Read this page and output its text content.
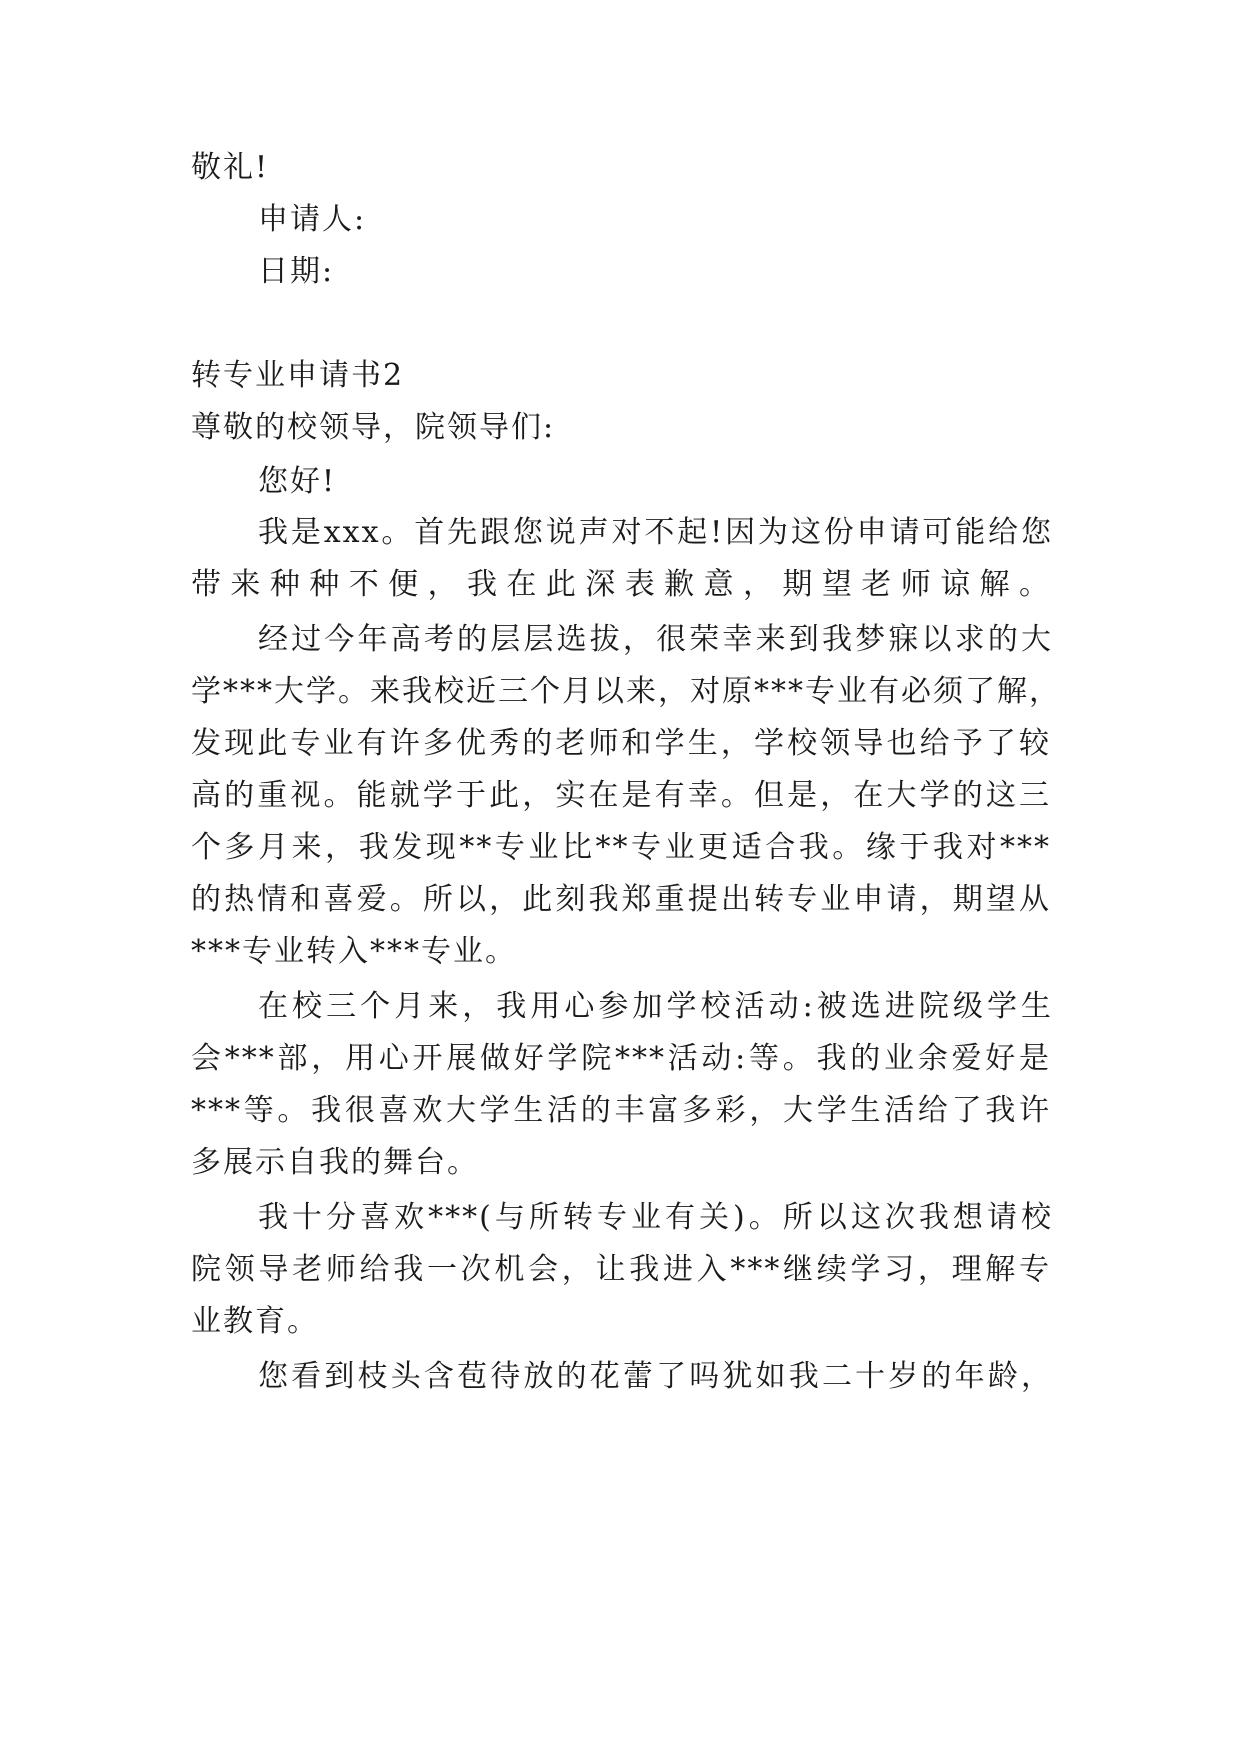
敬礼!
申请人:
日期:
转专业申请书2
尊敬的校领导，院领导们:
您好!
我是xxx。首先跟您说声对不起!因为这份申请可能给您
带来种种不便，我在此深表歉意，期望老师谅解。
经过今年高考的层层选拔，很荣幸来到我梦寐以求的大
学***大学。来我校近三个月以来，对原***专业有必须了解，
发现此专业有许多优秀的老师和学生，学校领导也给予了较
高的重视。能就学于此，实在是有幸。但是，在大学的这三
个多月来，我发现**专业比**专业更适合我。缘于我对***
的热情和喜爱。所以，此刻我郑重提出转专业申请，期望从
***专业转入***专业。
在校三个月来，我用心参加学校活动:被选进院级学生
会***部，用心开展做好学院***活动:等。我的业余爱好是
***等。我很喜欢大学生活的丰富多彩，大学生活给了我许
多展示自我的舞台。
我十分喜欢***(与所转专业有关)。所以这次我想请校
院领导老师给我一次机会，让我进入***继续学习，理解专
业教育。
您看到枝头含苞待放的花蕾了吗犹如我二十岁的年龄，
